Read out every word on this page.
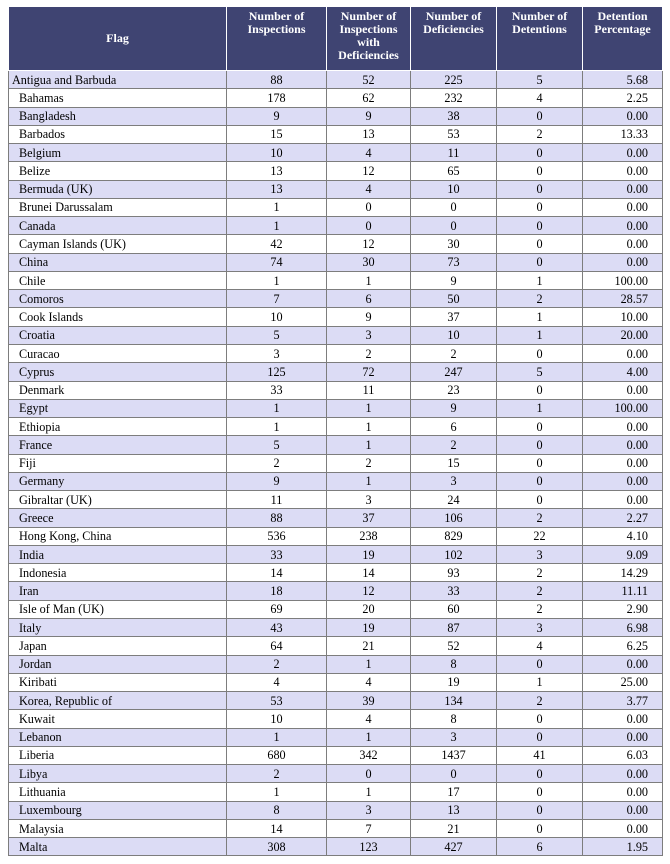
Flag	Number of Inspections	Number of Inspections with Deficiencies	Number of Deficiencies	Number of Detentions	Detention Percentage
Antigua and Barbuda	88	52	225	5	5.68
Bahamas	178	62	232	4	2.25
Bangladesh	9	9	38	0	0.00
Barbados	15	13	53	2	13.33
Belgium	10	4	11	0	0.00
Belize	13	12	65	0	0.00
Bermuda (UK)	13	4	10	0	0.00
Brunei Darussalam	1	0	0	0	0.00
Canada	1	0	0	0	0.00
Cayman Islands (UK)	42	12	30	0	0.00
China	74	30	73	0	0.00
Chile	1	1	9	1	100.00
Comoros	7	6	50	2	28.57
Cook Islands	10	9	37	1	10.00
Croatia	5	3	10	1	20.00
Curacao	3	2	2	0	0.00
Cyprus	125	72	247	5	4.00
Denmark	33	11	23	0	0.00
Egypt	1	1	9	1	100.00
Ethiopia	1	1	6	0	0.00
France	5	1	2	0	0.00
Fiji	2	2	15	0	0.00
Germany	9	1	3	0	0.00
Gibraltar (UK)	11	3	24	0	0.00
Greece	88	37	106	2	2.27
Hong Kong, China	536	238	829	22	4.10
India	33	19	102	3	9.09
Indonesia	14	14	93	2	14.29
Iran	18	12	33	2	11.11
Isle of Man (UK)	69	20	60	2	2.90
Italy	43	19	87	3	6.98
Japan	64	21	52	4	6.25
Jordan	2	1	8	0	0.00
Kiribati	4	4	19	1	25.00
Korea, Republic of	53	39	134	2	3.77
Kuwait	10	4	8	0	0.00
Lebanon	1	1	3	0	0.00
Liberia	680	342	1437	41	6.03
Libya	2	0	0	0	0.00
Lithuania	1	1	17	0	0.00
Luxembourg	8	3	13	0	0.00
Malaysia	14	7	21	0	0.00
Malta	308	123	427	6	1.95
